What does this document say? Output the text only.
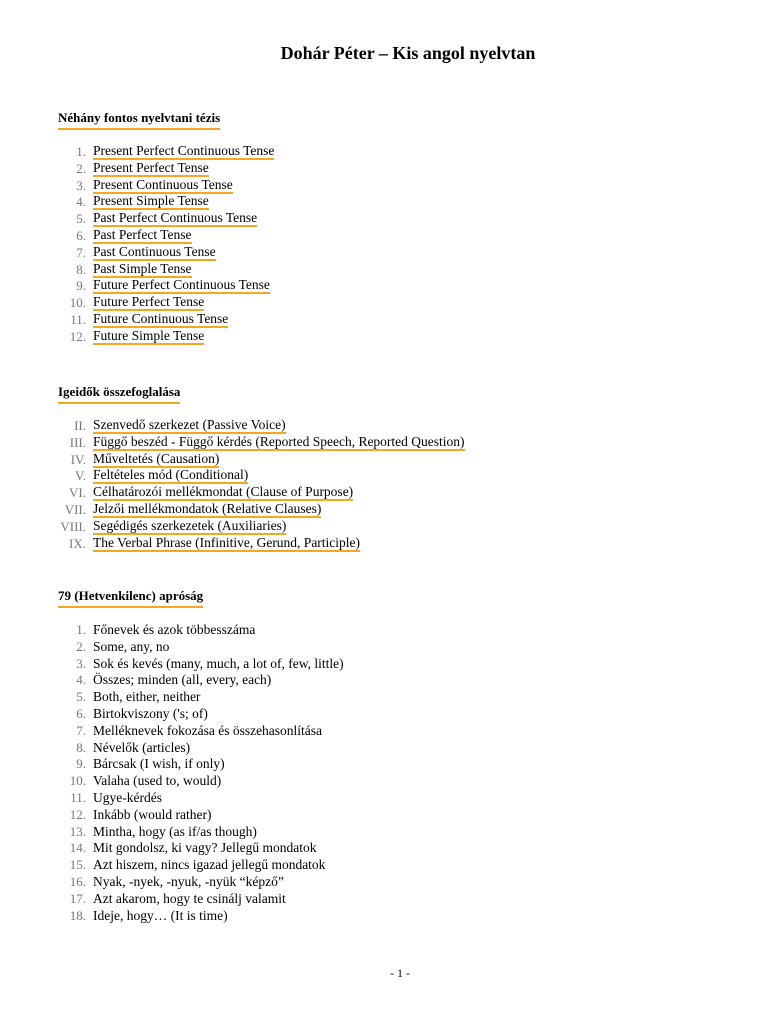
Dohár Péter – Kis angol nyelvtan
Néhány fontos nyelvtani tézis
1. Present Perfect Continuous Tense
2. Present Perfect Tense
3. Present Continuous Tense
4. Present Simple Tense
5. Past Perfect Continuous Tense
6. Past Perfect Tense
7. Past Continuous Tense
8. Past Simple Tense
9. Future Perfect Continuous Tense
10. Future Perfect Tense
11. Future Continuous Tense
12. Future Simple Tense
Igeidők összefoglalása
II. Szenvedő szerkezet (Passive Voice)
III. Függő beszéd - Függő kérdés (Reported Speech, Reported Question)
IV. Műveltetés (Causation)
V. Feltételes mód (Conditional)
VI. Célhatározói mellékmondat (Clause of Purpose)
VII. Jelzői mellékmondatok (Relative Clauses)
VIII. Segédigés szerkezetek (Auxiliaries)
IX. The Verbal Phrase (Infinitive, Gerund, Participle)
79 (Hetvenkilenc) apróság
1. Főnevek és azok többesszáma
2. Some, any, no
3. Sok és kevés (many, much, a lot of, few, little)
4. Összes; minden (all, every, each)
5. Both, either, neither
6. Birtokviszony ('s; of)
7. Melléknevek fokozása és összehasonlítása
8. Névelők (articles)
9. Bárcsak (I wish, if only)
10. Valaha (used to, would)
11. Ugye-kérdés
12. Inkább (would rather)
13. Mintha, hogy (as if/as though)
14. Mit gondolsz, ki vagy? Jellegű mondatok
15. Azt hiszem, nincs igazad jellegű mondatok
16. Nyak, -nyek, -nyuk, -nyük “képző”
17. Azt akarom, hogy te csinálj valamit
18. Ideje, hogy… (It is time)
- 1 -
